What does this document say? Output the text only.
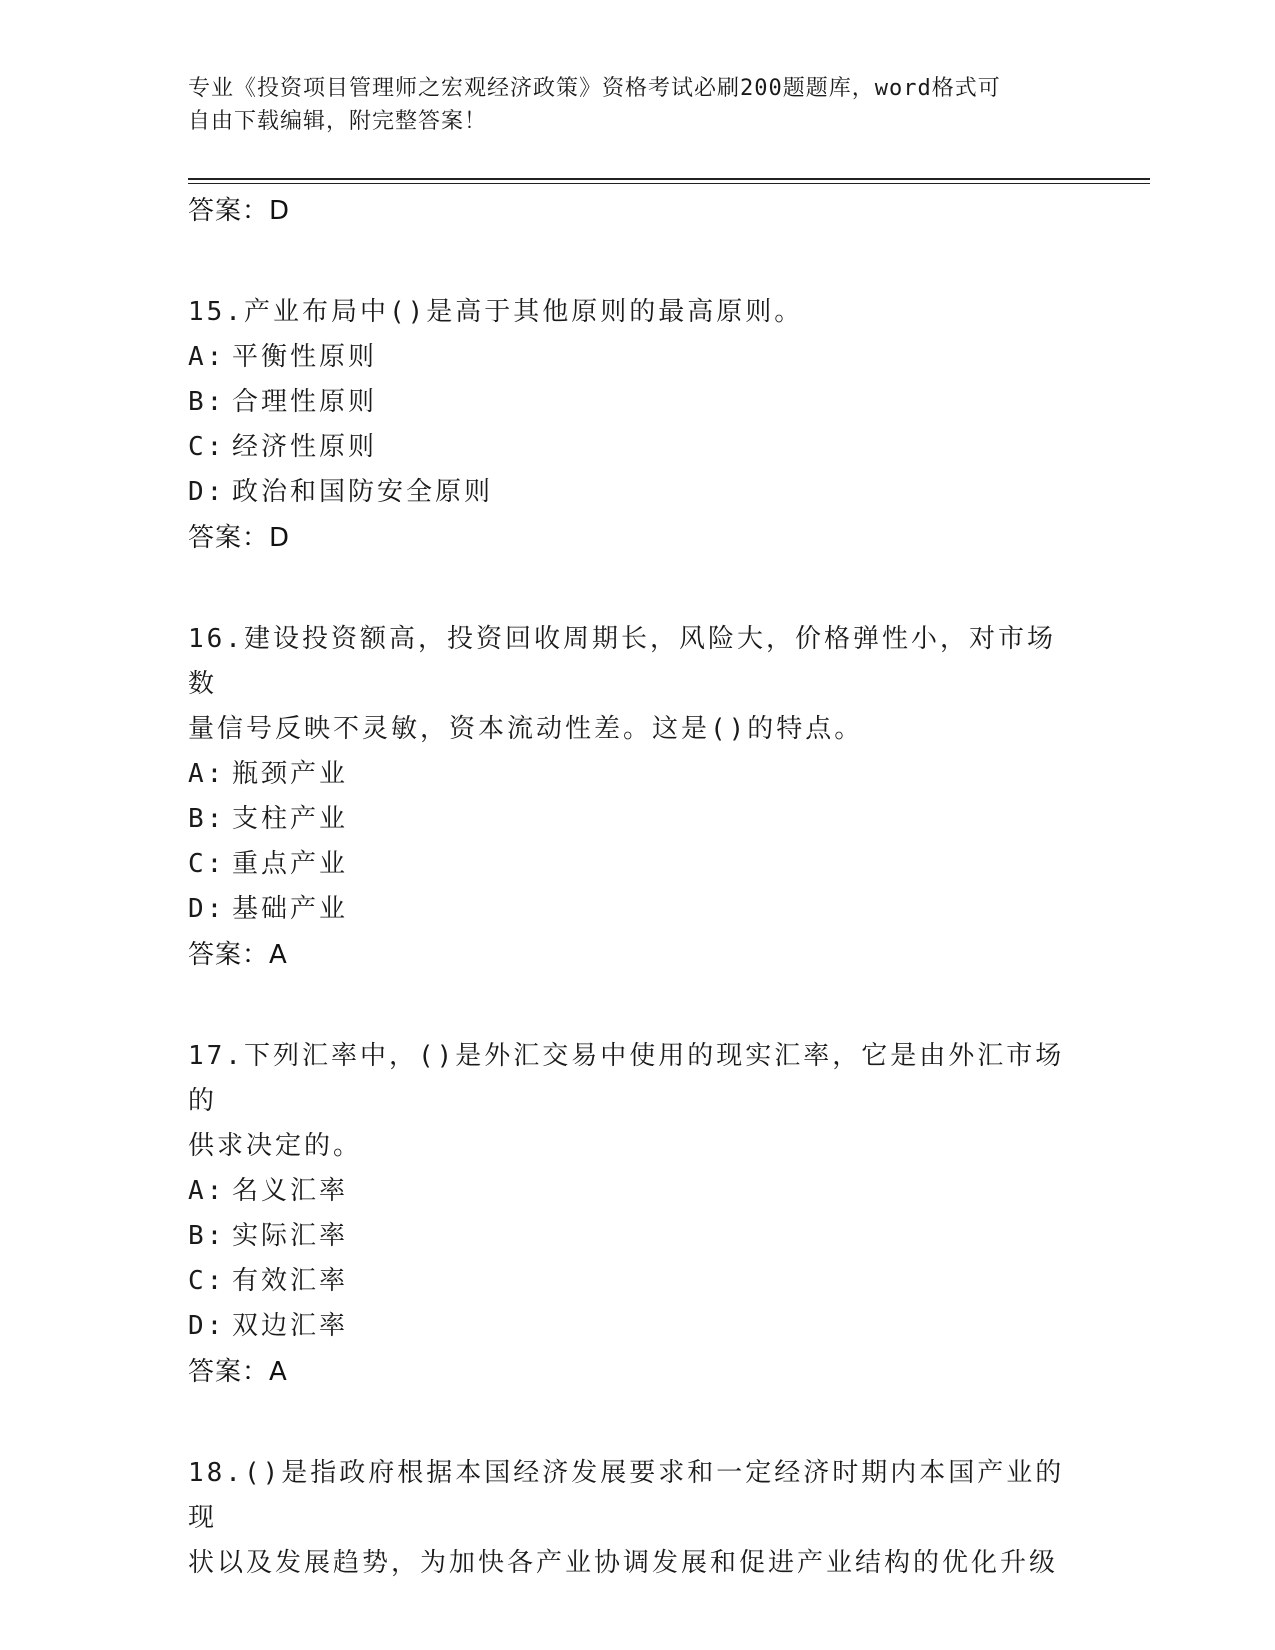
专业《投资项目管理师之宏观经济政策》资格考试必刷200题题库，word格式可
自由下载编辑，附完整答案！
答案：D
15.产业布局中()是高于其他原则的最高原则。
A: 平衡性原则
B: 合理性原则
C: 经济性原则
D: 政治和国防安全原则
答案：D
16.建设投资额高，投资回收周期长，风险大，价格弹性小，对市场数
量信号反映不灵敏，资本流动性差。这是()的特点。
A: 瓶颈产业
B: 支柱产业
C: 重点产业
D: 基础产业
答案：A
17.下列汇率中，()是外汇交易中使用的现实汇率，它是由外汇市场的
供求决定的。
A: 名义汇率
B: 实际汇率
C: 有效汇率
D: 双边汇率
答案：A
18.()是指政府根据本国经济发展要求和一定经济时期内本国产业的现
状以及发展趋势，为加快各产业协调发展和促进产业结构的优化升级
